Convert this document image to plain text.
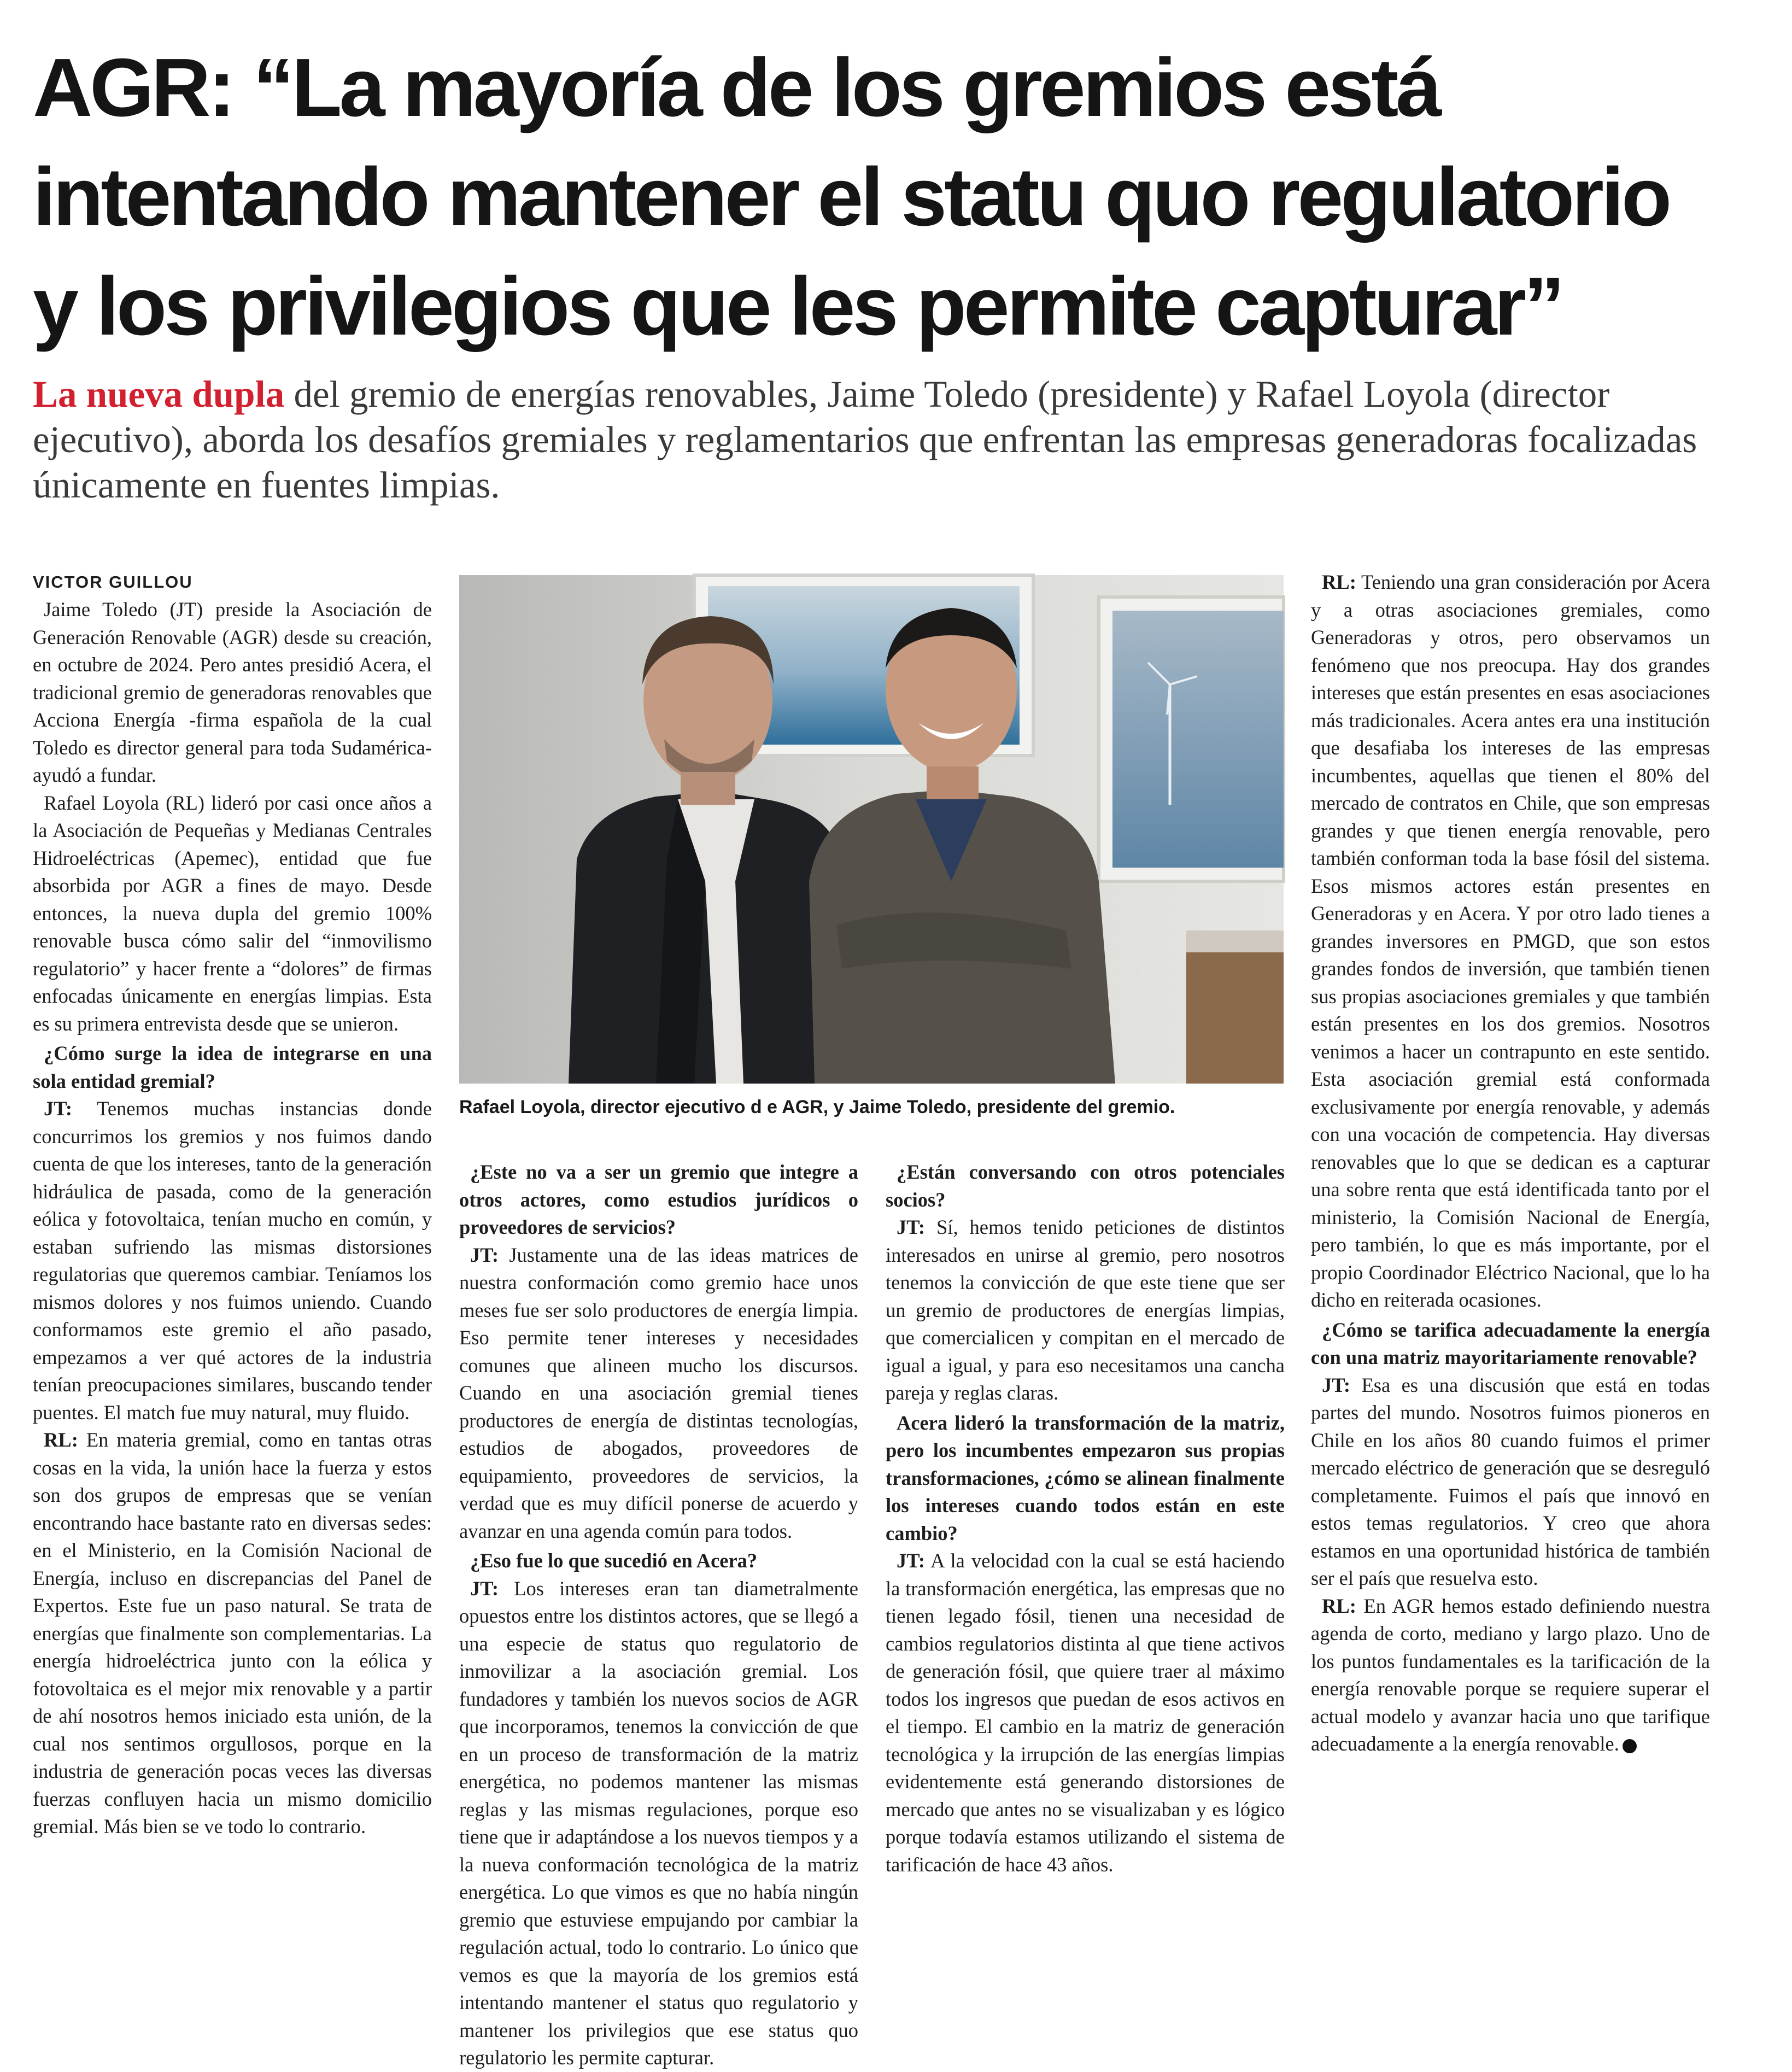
AGR: “La mayoría de los gremios está
intentando mantener el statu quo regulatorio
y los privilegios que les permite capturar”

La nueva dupla del gremio de energías renovables, Jaime Toledo (presidente) y Rafael Loyola (director ejecutivo), aborda los desafíos gremiales y reglamentarios que enfrentan las empresas generadoras focalizadas únicamente en fuentes limpias.

VICTOR GUILLOU

Jaime Toledo (JT) preside la Asociación de Generación Renovable (AGR) desde su creación, en octubre de 2024. Pero antes presidió Acera, el tradicional gremio de generadoras renovables que Acciona Energía -firma española de la cual Toledo es director general para toda Sudamérica- ayudó a fundar.

Rafael Loyola (RL) lideró por casi once años a la Asociación de Pequeñas y Medianas Centrales Hidroeléctricas (Apemec), entidad que fue absorbida por AGR a fines de mayo. Desde entonces, la nueva dupla del gremio 100% renovable busca cómo salir del “inmovilismo regulatorio” y hacer frente a “dolores” de firmas enfocadas únicamente en energías limpias. Esta es su primera entrevista desde que se unieron.

¿Cómo surge la idea de integrarse en una sola entidad gremial?

JT: Tenemos muchas instancias donde concurrimos los gremios y nos fuimos dando cuenta de que los intereses, tanto de la generación hidráulica de pasada, como de la generación eólica y fotovoltaica, tenían mucho en común, y estaban sufriendo las mismas distorsiones regulatorias que queremos cambiar. Teníamos los mismos dolores y nos fuimos uniendo. Cuando conformamos este gremio el año pasado, empezamos a ver qué actores de la industria tenían preocupaciones similares, buscando tender puentes. El match fue muy natural, muy fluido.

RL: En materia gremial, como en tantas otras cosas en la vida, la unión hace la fuerza y estos son dos grupos de empresas que se venían encontrando hace bastante rato en diversas sedes: en el Ministerio, en la Comisión Nacional de Energía, incluso en discrepancias del Panel de Expertos. Este fue un paso natural. Se trata de energías que finalmente son complementarias. La energía hidroeléctrica junto con la eólica y fotovoltaica es el mejor mix renovable y a partir de ahí nosotros hemos iniciado esta unión, de la cual nos sentimos orgullosos, porque en la industria de generación pocas veces las diversas fuerzas confluyen hacia un mismo domicilio gremial. Más bien se ve todo lo contrario.

Rafael Loyola, director ejecutivo d e AGR, y Jaime Toledo, presidente del gremio.

¿Este no va a ser un gremio que integre a otros actores, como estudios jurídicos o proveedores de servicios?

JT: Justamente una de las ideas matrices de nuestra conformación como gremio hace unos meses fue ser solo productores de energía limpia. Eso permite tener intereses y necesidades comunes que alineen mucho los discursos. Cuando en una asociación gremial tienes productores de energía de distintas tecnologías, estudios de abogados, proveedores de equipamiento, proveedores de servicios, la verdad que es muy difícil ponerse de acuerdo y avanzar en una agenda común para todos.

¿Eso fue lo que sucedió en Acera?

JT: Los intereses eran tan diametralmente opuestos entre los distintos actores, que se llegó a una especie de status quo regulatorio de inmovilizar a la asociación gremial. Los fundadores y también los nuevos socios de AGR que incorporamos, tenemos la convicción de que en un proceso de transformación de la matriz energética, no podemos mantener las mismas reglas y las mismas regulaciones, porque eso tiene que ir adaptándose a los nuevos tiempos y a la nueva conformación tecnológica de la matriz energética. Lo que vimos es que no había ningún gremio que estuviese empujando por cambiar la regulación actual, todo lo contrario. Lo único que vemos es que la mayoría de los gremios está intentando mantener el status quo regulatorio y mantener los privilegios que ese status quo regulatorio les permite capturar.

¿Están conversando con otros potenciales socios?

JT: Sí, hemos tenido peticiones de distintos interesados en unirse al gremio, pero nosotros tenemos la convicción de que este tiene que ser un gremio de productores de energías limpias, que comercialicen y compitan en el mercado de igual a igual, y para eso necesitamos una cancha pareja y reglas claras.

Acera lideró la transformación de la matriz, pero los incumbentes empezaron sus propias transformaciones, ¿cómo se alinean finalmente los intereses cuando todos están en este cambio?

JT: A la velocidad con la cual se está haciendo la transformación energética, las empresas que no tienen legado fósil, tienen una necesidad de cambios regulatorios distinta al que tiene activos de generación fósil, que quiere traer al máximo todos los ingresos que puedan de esos activos en el tiempo. El cambio en la matriz de generación tecnológica y la irrupción de las energías limpias evidentemente está generando distorsiones de mercado que antes no se visualizaban y es lógico porque todavía estamos utilizando el sistema de tarificación de hace 43 años.

RL: Teniendo una gran consideración por Acera y a otras asociaciones gremiales, como Generadoras y otros, pero observamos un fenómeno que nos preocupa. Hay dos grandes intereses que están presentes en esas asociaciones más tradicionales. Acera antes era una institución que desafiaba los intereses de las empresas incumbentes, aquellas que tienen el 80% del mercado de contratos en Chile, que son empresas grandes y que tienen energía renovable, pero también conforman toda la base fósil del sistema. Esos mismos actores están presentes en Generadoras y en Acera. Y por otro lado tienes a grandes inversores en PMGD, que son estos grandes fondos de inversión, que también tienen sus propias asociaciones gremiales y que también están presentes en los dos gremios. Nosotros venimos a hacer un contrapunto en este sentido. Esta asociación gremial está conformada exclusivamente por energía renovable, y además con una vocación de competencia. Hay diversas renovables que lo que se dedican es a capturar una sobre renta que está identificada tanto por el ministerio, la Comisión Nacional de Energía, pero también, lo que es más importante, por el propio Coordinador Eléctrico Nacional, que lo ha dicho en reiterada ocasiones.

¿Cómo se tarifica adecuadamente la energía con una matriz mayoritariamente renovable?

JT: Esa es una discusión que está en todas partes del mundo. Nosotros fuimos pioneros en Chile en los años 80 cuando fuimos el primer mercado eléctrico de generación que se desreguló completamente. Fuimos el país que innovó en estos temas regulatorios. Y creo que ahora estamos en una oportunidad histórica de también ser el país que resuelva esto.

RL: En AGR hemos estado definiendo nuestra agenda de corto, mediano y largo plazo. Uno de los puntos fundamentales es la tarificación de la energía renovable porque se requiere superar el actual modelo y avanzar hacia uno que tarifique adecuadamente a la energía renovable.
